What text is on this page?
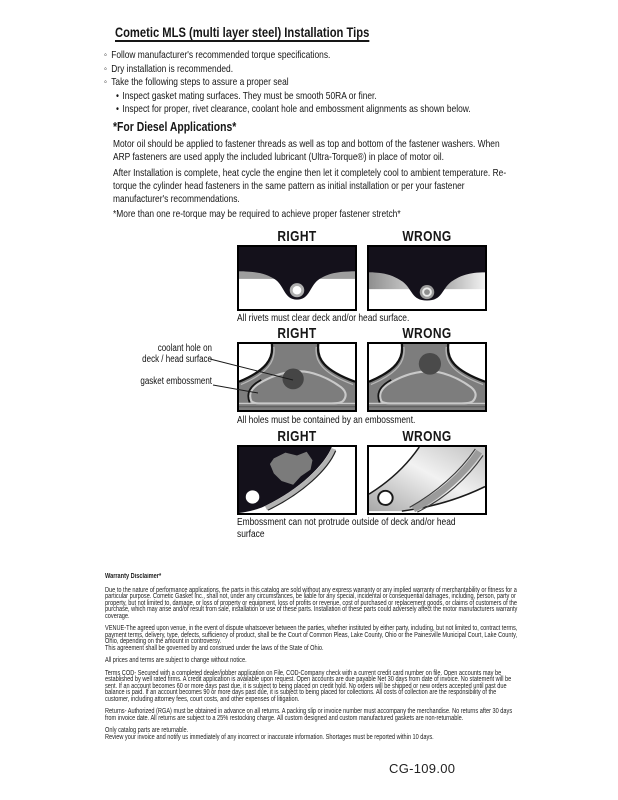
Cometic MLS (multi layer steel) Installation Tips
◦ Follow manufacturer's recommended torque specifications.
◦ Dry installation is recommended.
◦ Take the following steps to assure a proper seal
• Inspect gasket mating surfaces. They must be smooth 50RA or finer.
• Inspect for proper, rivet clearance, coolant hole and embossment alignments as shown below.
*For Diesel Applications*
Motor oil should be applied to fastener threads as well as top and bottom of the fastener washers. When ARP fasteners are used apply the included lubricant (Ultra-Torque®) in place of motor oil.
After Installation is complete, heat cycle the engine then let it completely cool to ambient temperature. Re-torque the cylinder head fasteners in the same pattern as initial installation or per your fastener manufacturer's recommendations.
*More than one re-torque may be required to achieve proper fastener stretch*
RIGHT	WRONG
All rivets must clear deck and/or head surface.
RIGHT	WRONG
All holes must be contained by an embossment.
coolant hole on
deck / head surface
gasket embossment
RIGHT	WRONG
Embossment can not protrude outside of deck and/or head surface
Warranty Disclaimer*

Due to the nature of performance applications, the parts in this catalog are sold without any express warranty or any implied warranty of merchantability or fitness for a particular purpose. Cometic Gasket Inc., shall not, under any circumstances, be liable for any special, incidental or consequential damages, including, person, party or property, but not limited to, damage, or loss of property or equipment, loss of profits or revenue, cost of purchased or replacement goods, or claims of customers of the purchase, which may arise and/or result from sale, installation or use of these parts. Installation of these parts could adversely affect the motor manufacturers warranty coverage.

VENUE-The agreed upon venue, in the event of dispute whatsoever between the parties, whether instituted by either party, including, but not limited to, contract terms, payment terms, delivery, type, defects, sufficiency of product, shall be the Court of Common Pleas, Lake County, Ohio or the Painesville Municipal Court, Lake County, Ohio, depending on the amount in controversy.

This agreement shall be governed by and construed under the laws of the State of Ohio.

All prices and terms are subject to change without notice.

Terms COD- Secured with a completed dealer/jobber application on File, COD-Company check with a current credit card number on file. Open accounts may be established by well rated firms. A credit application is available upon request. Open accounts are due payable Net 30 days from date of invoice. No statement will be sent. If an account becomes 60 or more days past due, it is subject to being placed on credit hold. No orders will be shipped or new orders accepted until past due balance is paid. If an account becomes 90 or more days past due, it is subject to being placed for collections. All costs of collection are the responsibility of the customer, including attorney fees, court costs, and other expenses of litigation.

Returns- Authorized (RGA) must be obtained in advance on all returns. A packing slip or invoice number must accompany the merchandise. No returns after 30 days from invoice date. All returns are subject to a 25% restocking charge. All custom designed and custom manufactured gaskets are non-returnable.

Only catalog parts are returnable.

Review your invoice and notify us immediately of any incorrect or inaccurate information. Shortages must be reported within 10 days.

CG-109.00
